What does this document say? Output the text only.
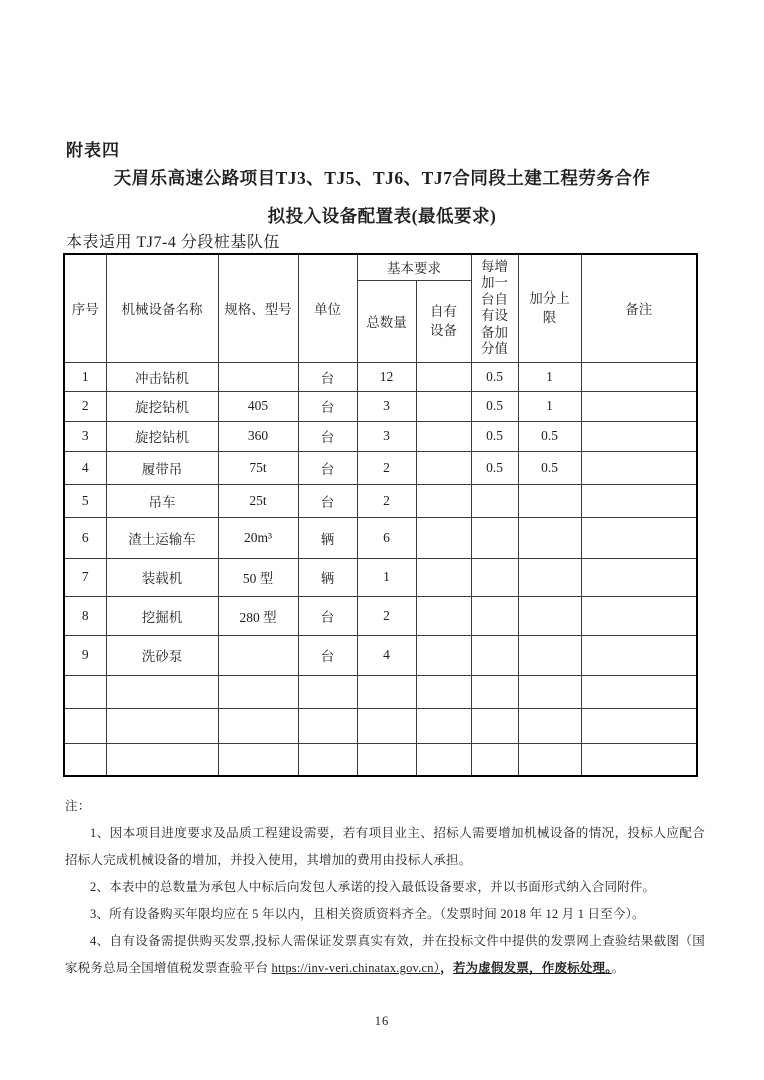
附表四
天眉乐高速公路项目TJ3、TJ5、TJ6、TJ7合同段土建工程劳务合作
拟投入设备配置表(最低要求)
本表适用 TJ7-4 分段桩基队伍
序号	机械设备名称	规格、型号	单位	基本要求		每增加一台自有设备加分值	加分上限	备注
				总数量	自有设备			

1	冲击钻机		台	12		0.5	1	
2	旋挖钻机	405	台	3		0.5	1	
3	旋挖钻机	360	台	3		0.5	0.5	
4	履带吊	75t	台	2		0.5	0.5	
5	吊车	25t	台	2				
6	渣土运输车	20m³	辆	6				
7	装载机	50 型	辆	1				
8	挖掘机	280 型	台	2				
9	洗砂泵		台	4				

注：

1、因本项目进度要求及品质工程建设需要，若有项目业主、招标人需要增加机械设备的情况，投标人应配合招标人完成机械设备的增加，并投入使用，其增加的费用由投标人承担。

2、本表中的总数量为承包人中标后向发包人承诺的投入最低设备要求，并以书面形式纳入合同附件。

3、所有设备购买年限均应在 5 年以内，且相关资质资料齐全。（发票时间 2018 年 12 月 1 日至今）。

4、自有设备需提供购买发票,投标人需保证发票真实有效，并在投标文件中提供的发票网上查验结果截图（国家税务总局全国增值税发票查验平台 https://inv-veri.chinatax.gov.cn），若为虚假发票，作废标处理。。

16
